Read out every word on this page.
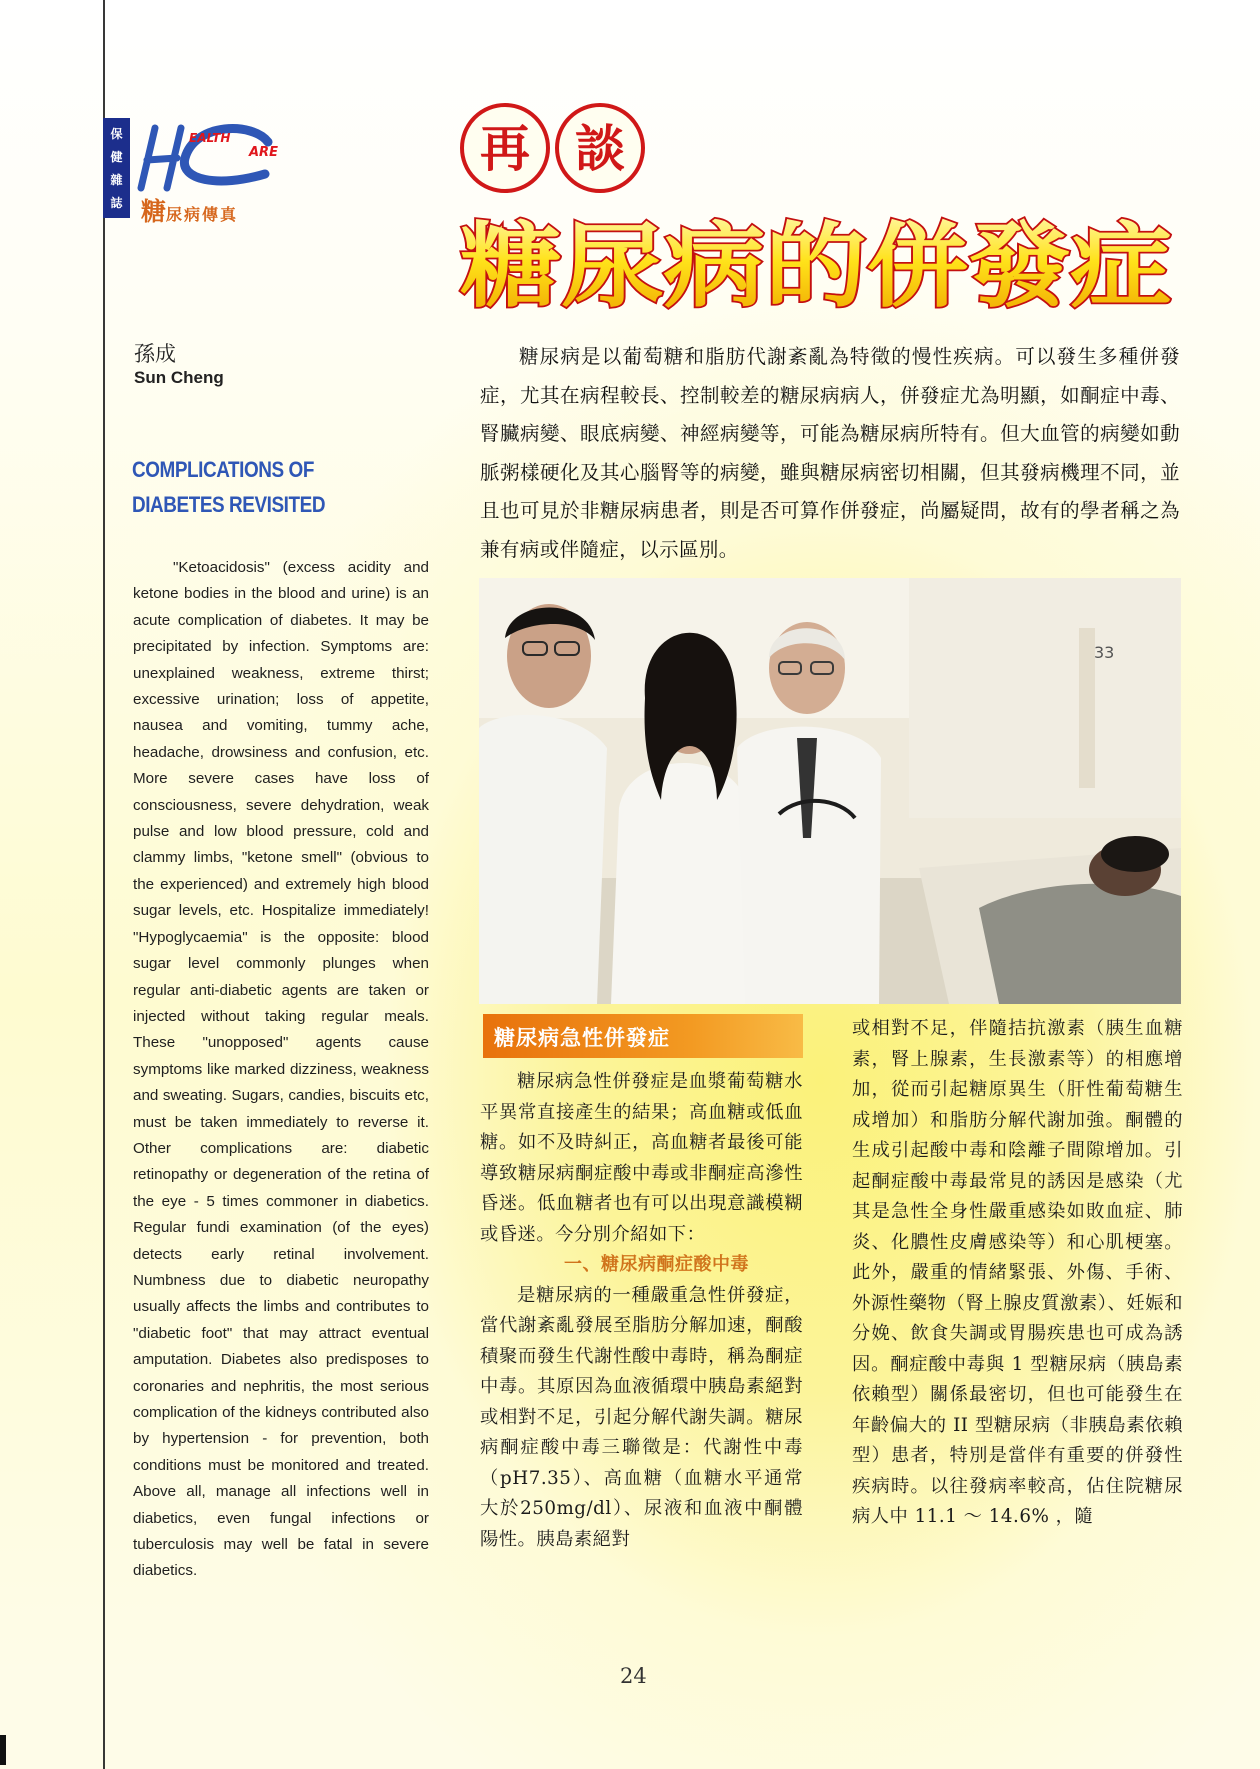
保
健
雜
誌
EALTH
ARE
糖尿病傳真
再 談
糖尿病的併發症
孫成
Sun Cheng
COMPLICATIONS OF
DIABETES REVISITED
"Ketoacidosis" (excess acidity and ketone bodies in the blood and urine) is an acute complication of diabetes. It may be precipitated by infection. Symptoms are: unexplained weakness, extreme thirst; excessive urination; loss of appetite, nausea and vomiting, tummy ache, headache, drowsiness and confusion, etc. More severe cases have loss of consciousness, severe dehydration, weak pulse and low blood pressure, cold and clammy limbs, "ketone smell" (obvious to the experienced) and extremely high blood sugar levels, etc. Hospitalize immediately! "Hypoglycaemia" is the opposite: blood sugar level commonly plunges when regular anti-diabetic agents are taken or injected without taking regular meals. These "unopposed" agents cause symptoms like marked dizziness, weakness and sweating. Sugars, candies, biscuits etc, must be taken immediately to reverse it. Other complications are: diabetic retinopathy or degeneration of the retina of the eye - 5 times commoner in diabetics. Regular fundi examination (of the eyes) detects early retinal involvement. Numbness due to diabetic neuropathy usually affects the limbs and contributes to "diabetic foot" that may attract eventual amputation. Diabetes also predisposes to coronaries and nephritis, the most serious complication of the kidneys contributed also by hypertension - for prevention, both conditions must be monitored and treated. Above all, manage all infections well in diabetics, even fungal infections or tuberculosis may well be fatal in severe diabetics.
糖尿病是以葡萄糖和脂肪代謝紊亂為特徵的慢性疾病。可以發生多種併發症，尤其在病程較長、控制較差的糖尿病病人，併發症尤為明顯，如酮症中毒、腎臟病變、眼底病變、神經病變等，可能為糖尿病所特有。但大血管的病變如動脈粥樣硬化及其心腦腎等的病變，雖與糖尿病密切相關，但其發病機理不同，並且也可見於非糖尿病患者，則是否可算作併發症，尚屬疑問，故有的學者稱之為兼有病或伴隨症，以示區別。
33
糖尿病急性併發症

糖尿病急性併發症是血漿葡萄糖水平異常直接產生的結果；高血糖或低血糖。如不及時糾正，高血糖者最後可能導致糖尿病酮症酸中毒或非酮症高滲性昏迷。低血糖者也有可以出現意識模糊或昏迷。今分別介紹如下：

一、糖尿病酮症酸中毒

是糖尿病的一種嚴重急性併發症，當代謝紊亂發展至脂肪分解加速，酮酸積聚而發生代謝性酸中毒時，稱為酮症中毒。其原因為血液循環中胰島素絕對或相對不足，引起分解代謝失調。糖尿病酮症酸中毒三聯徵是：代謝性中毒（pH7.35）、高血糖（血糖水平通常大於250mg/dl）、尿液和血液中酮體陽性。胰島素絕對

或相對不足，伴隨拮抗激素（胰生血糖素，腎上腺素，生長激素等）的相應增加，從而引起糖原異生（肝性葡萄糖生成增加）和脂肪分解代謝加強。酮體的生成引起酸中毒和陰離子間隙增加。引起酮症酸中毒最常見的誘因是感染（尤其是急性全身性嚴重感染如敗血症、肺炎、化膿性皮膚感染等）和心肌梗塞。此外，嚴重的情緒緊張、外傷、手術、外源性藥物（腎上腺皮質激素）、妊娠和分娩、飲食失調或胃腸疾患也可成為誘因。酮症酸中毒與 1 型糖尿病（胰島素依賴型）關係最密切，但也可能發生在年齡偏大的 II 型糖尿病（非胰島素依賴型）患者，特別是當伴有重要的併發性疾病時。以往發病率較高，佔住院糖尿病人中 11.1 ～ 14.6% ，隨

24
